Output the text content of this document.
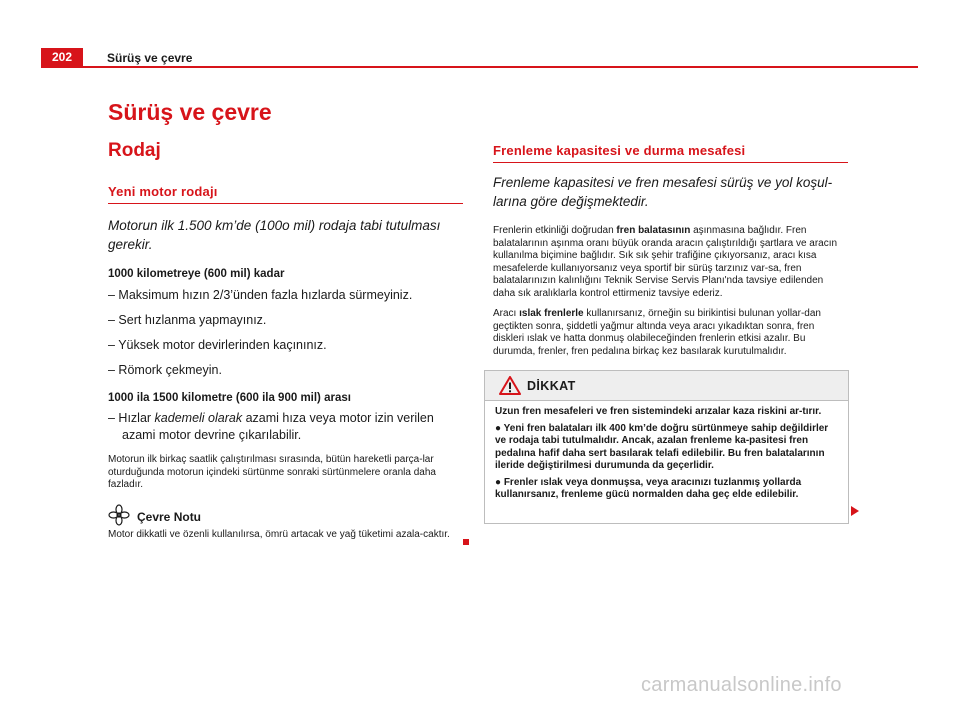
202	Sürüş ve çevre
Sürüş ve çevre

Rodaj

Yeni motor rodajı

Motorun ilk 1.500 km’de (100o mil) rodaja tabi tutulması gerekir.

1000 kilometreye (600 mil) kadar

– Maksimum hızın 2/3’ünden fazla hızlarda sürmeyiniz.

– Sert hızlanma yapmayınız.

– Yüksek motor devirlerinden kaçınınız.

– Römork çekmeyin.

1000 ila 1500 kilometre (600 ila 900 mil) arası

– Hızlar kademeli olarak azami hıza veya motor izin verilen azami motor devrine çıkarılabilir.

Motorun ilk birkaç saatlik çalıştırılması sırasında, bütün hareketli parça-lar oturduğunda motorun içindeki sürtünme sonraki sürtünmelere oranla daha fazladır.

Çevre Notu

Motor dikkatli ve özenli kullanılırsa, ömrü artacak ve yağ tüketimi azala-caktır.

Frenleme kapasitesi ve durma mesafesi

Frenleme kapasitesi ve fren mesafesi sürüş ve yol koşul-larına göre değişmektedir.

Frenlerin etkinliği doğrudan fren balatasının aşınmasına bağlıdır. Fren balatalarının aşınma oranı büyük oranda aracın çalıştırıldığı şartlara ve aracın kullanılma biçimine bağlıdır. Sık sık şehir trafiğine çıkıyorsanız, aracı kısa mesafelerde kullanıyorsanız veya sportif bir sürüş tarzınız var-sa, fren balatalarınızın kalınlığını Teknik Servise Servis Planı'nda tavsiye edilenden daha sık aralıklarla kontrol ettirmeniz tavsiye ederiz.

Aracı ıslak frenlerle kullanırsanız, örneğin su birikintisi bulunan yollar-dan geçtikten sonra, şiddetli yağmur altında veya aracı yıkadıktan sonra, fren diskleri ıslak ve hatta donmuş olabileceğinden frenlerin etkisi azalır. Bu durumda, frenler, fren pedalına birkaç kez basılarak kurutulmalıdır.

DİKKAT

Uzun fren mesafeleri ve fren sistemindeki arızalar kaza riskini ar-tırır.

● Yeni fren balataları ilk 400 km’de doğru sürtünmeye sahip değildirler ve rodaja tabi tutulmalıdır. Ancak, azalan frenleme ka-pasitesi fren pedalına hafif daha sert basılarak telafi edilebilir. Bu fren balatalarının ileride değiştirilmesi durumunda da geçerlidir.

● Frenler ıslak veya donmuşsa, veya aracınızı tuzlanmış yollarda kullanırsanız, frenleme gücü normalden daha geç elde edilebilir.

carmanualsonline.info
